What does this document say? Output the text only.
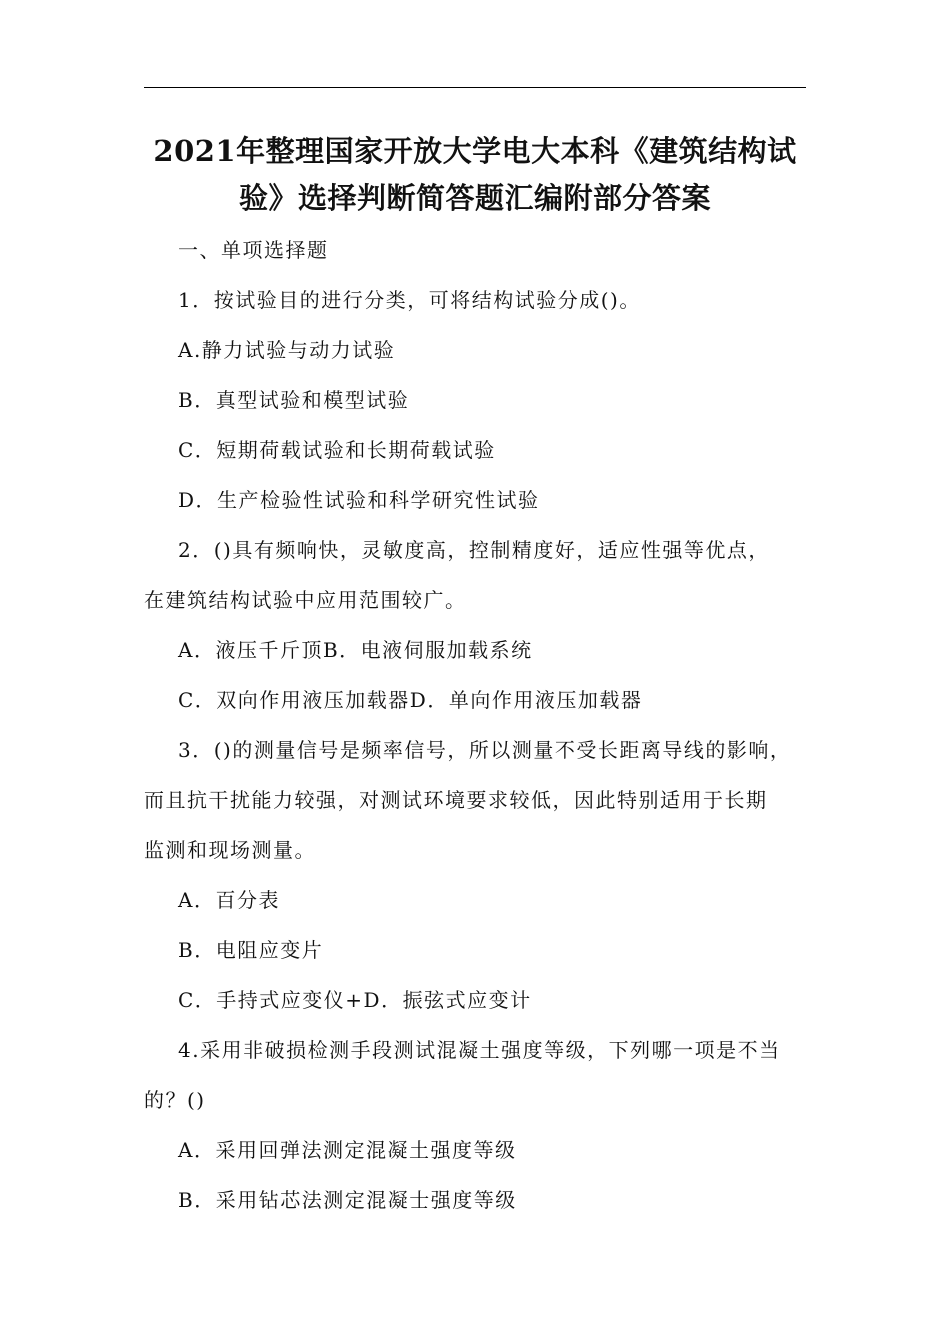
2021年整理国家开放大学电大本科《建筑结构试
验》选择判断简答题汇编附部分答案
一、单项选择题
1．按试验目的进行分类，可将结构试验分成()。
A.静力试验与动力试验
B．真型试验和模型试验
C．短期荷载试验和长期荷载试验
D．生产检验性试验和科学研究性试验
2．()具有频响快，灵敏度高，控制精度好，适应性强等优点，
在建筑结构试验中应用范围较广。
A．液压千斤顶B．电液伺服加载系统
C．双向作用液压加载器D．单向作用液压加载器
3．()的测量信号是频率信号，所以测量不受长距离导线的影响，
而且抗干扰能力较强，对测试环境要求较低，因此特别适用于长期
监测和现场测量。
A．百分表
B．电阻应变片
C．手持式应变仪+D．振弦式应变计
4.采用非破损检测手段测试混凝土强度等级，下列哪一项是不当
的？()
A．采用回弹法测定混凝土强度等级
B．采用钻芯法测定混凝士强度等级
